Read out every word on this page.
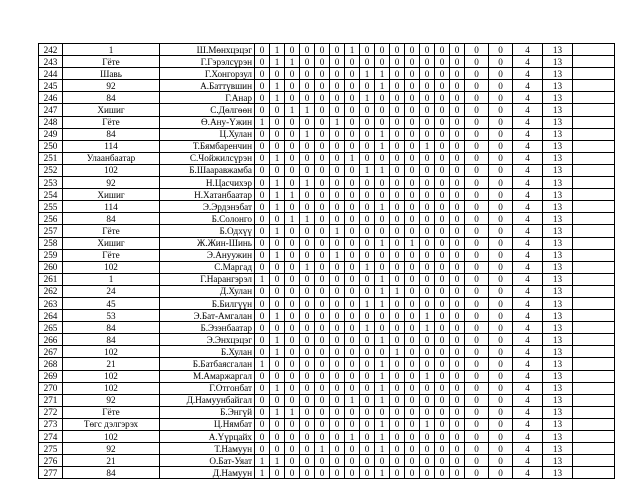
242	1	Ш.Мөнхцэцэг	0	1	0	0	0	0	1	0	0	0	0	0	0	0	0	0	4	13	
243	Гёте	Г.Гэрэлсүрэн	0	1	1	0	0	0	0	0	0	0	0	0	0	0	0	0	4	13	
244	Шавь	Г.Хонгорзул	0	0	0	0	0	0	0	1	1	0	0	0	0	0	0	0	4	13	
245	92	А.Баттүвшин	0	1	0	0	0	0	0	0	1	0	0	0	0	0	0	0	4	13	
246	84	Г.Анар	0	1	0	0	0	0	0	1	0	0	0	0	0	0	0	0	4	13	
247	Хишиг	С.Дөлгөөн	0	0	1	1	0	0	0	0	0	0	0	0	0	0	0	0	4	13	
248	Гёте	Ө.Ану-Үжин	1	0	0	0	0	1	0	0	0	0	0	0	0	0	0	0	4	13	
249	84	Ц.Хулан	0	0	0	1	0	0	0	0	1	0	0	0	0	0	0	0	4	13	
250	114	Т.Бямбаренчин	0	0	0	0	0	0	0	0	1	0	0	1	0	0	0	0	4	13	
251	Улаанбаатар	С.Чойжилсүрэн	0	1	0	0	0	0	1	0	0	0	0	0	0	0	0	0	4	13	
252	102	Б.Шааравжамба	0	0	0	0	0	0	0	1	1	0	0	0	0	0	0	0	4	13	
253	92	Н.Цасчихэр	0	1	0	1	0	0	0	0	0	0	0	0	0	0	0	0	4	13	
254	Хишиг	Н.Хатанбаатар	0	1	1	0	0	0	0	0	0	0	0	0	0	0	0	0	4	13	
255	114	Э.Эрдэнэбат	0	1	0	0	0	0	0	0	1	0	0	0	0	0	0	0	4	13	
256	84	Б.Солонго	0	0	1	1	0	0	0	0	0	0	0	0	0	0	0	0	4	13	
257	Гёте	Б.Одхүү	0	1	0	0	0	1	0	0	0	0	0	0	0	0	0	0	4	13	
258	Хишиг	Ж.Жин-Шинь	0	0	0	0	0	0	0	0	1	0	1	0	0	0	0	0	4	13	
259	Гёте	Э.Ануужин	0	1	0	0	0	1	0	0	0	0	0	0	0	0	0	0	4	13	
260	102	С.Маргад	0	0	0	1	0	0	0	1	0	0	0	0	0	0	0	0	4	13	
261	1	Г.Нарангэрэл	1	0	0	0	0	0	0	0	1	0	0	0	0	0	0	0	4	13	
262	24	Д.Хулан	0	0	0	0	0	0	0	0	1	1	0	0	0	0	0	0	4	13	
263	45	Б.Билгүүн	0	0	0	0	0	0	0	1	1	0	0	0	0	0	0	0	4	13	
264	53	Э.Бат-Амгалан	0	1	0	0	0	0	0	0	0	0	0	1	0	0	0	0	4	13	
265	84	Б.Эзэнбаатар	0	0	0	0	0	0	0	1	0	0	0	1	0	0	0	0	4	13	
266	84	Э.Энхцэцэг	0	1	0	0	0	0	0	0	1	0	0	0	0	0	0	0	4	13	
267	102	Б.Хулан	0	1	0	0	0	0	0	0	0	1	0	0	0	0	0	0	4	13	
268	21	Б.Батбаясгалан	1	0	0	0	0	0	0	0	1	0	0	0	0	0	0	0	4	13	
269	102	М.Амаржаргал	0	0	0	0	0	0	0	0	1	0	0	1	0	0	0	0	4	13	
270	102	Г.Отгонбат	0	1	0	0	0	0	0	0	1	0	0	0	0	0	0	0	4	13	
271	92	Д.Намуунбайгал	0	0	0	0	0	0	1	0	1	0	0	0	0	0	0	0	4	13	
272	Гёте	Б.Энгүй	0	1	1	0	0	0	0	0	0	0	0	0	0	0	0	0	4	13	
273	Төгс дэлгэрэх	Ц.Нямбат	0	0	0	0	0	0	0	0	1	0	0	1	0	0	0	0	4	13	
274	102	А.Үүрцайх	0	0	0	0	0	0	1	0	1	0	0	0	0	0	0	0	4	13	
275	92	Т.Намуун	0	0	0	0	1	0	0	0	1	0	0	0	0	0	0	0	4	13	
276	21	О.Бат-Уяат	1	1	0	0	0	0	0	0	0	0	0	0	0	0	0	0	4	13	
277	84	Д.Намуун	1	0	0	0	0	0	0	0	1	0	0	0	0	0	0	0	4	13	
